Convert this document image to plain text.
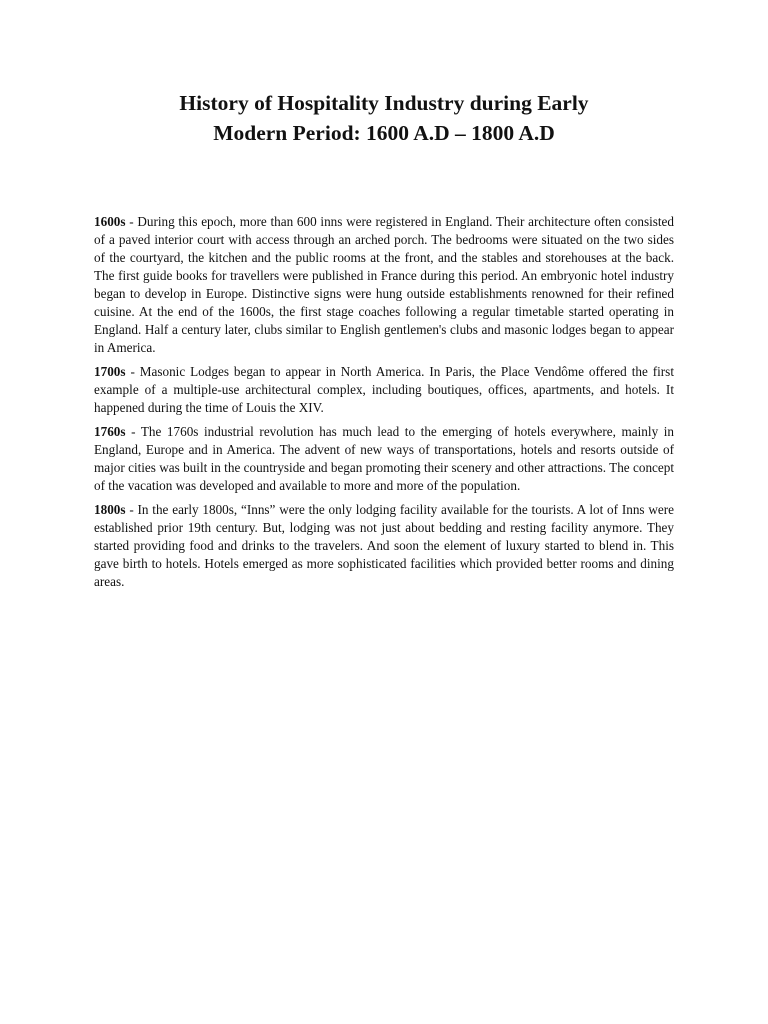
History of Hospitality Industry during Early
Modern Period: 1600 A.D – 1800 A.D

1600s - During this epoch, more than 600 inns were registered in England. Their architecture often consisted of a paved interior court with access through an arched porch. The bedrooms were situated on the two sides of the courtyard, the kitchen and the public rooms at the front, and the stables and storehouses at the back. The first guide books for travellers were published in France during this period. An embryonic hotel industry began to develop in Europe. Distinctive signs were hung outside establishments renowned for their refined cuisine. At the end of the 1600s, the first stage coaches following a regular timetable started operating in England. Half a century later, clubs similar to English gentlemen's clubs and masonic lodges began to appear in America.

1700s - Masonic Lodges began to appear in North America. In Paris, the Place Vendôme offered the first example of a multiple-use architectural complex, including boutiques, offices, apartments, and hotels. It happened during the time of Louis the XIV.

1760s - The 1760s industrial revolution has much lead to the emerging of hotels everywhere, mainly in England, Europe and in America. The advent of new ways of transportations, hotels and resorts outside of major cities was built in the countryside and began promoting their scenery and other attractions. The concept of the vacation was developed and available to more and more of the population.

1800s - In the early 1800s, “Inns” were the only lodging facility available for the tourists. A lot of Inns were established prior 19th century. But, lodging was not just about bedding and resting facility anymore. They started providing food and drinks to the travelers. And soon the element of luxury started to blend in. This gave birth to hotels. Hotels emerged as more sophisticated facilities which provided better rooms and dining areas.
